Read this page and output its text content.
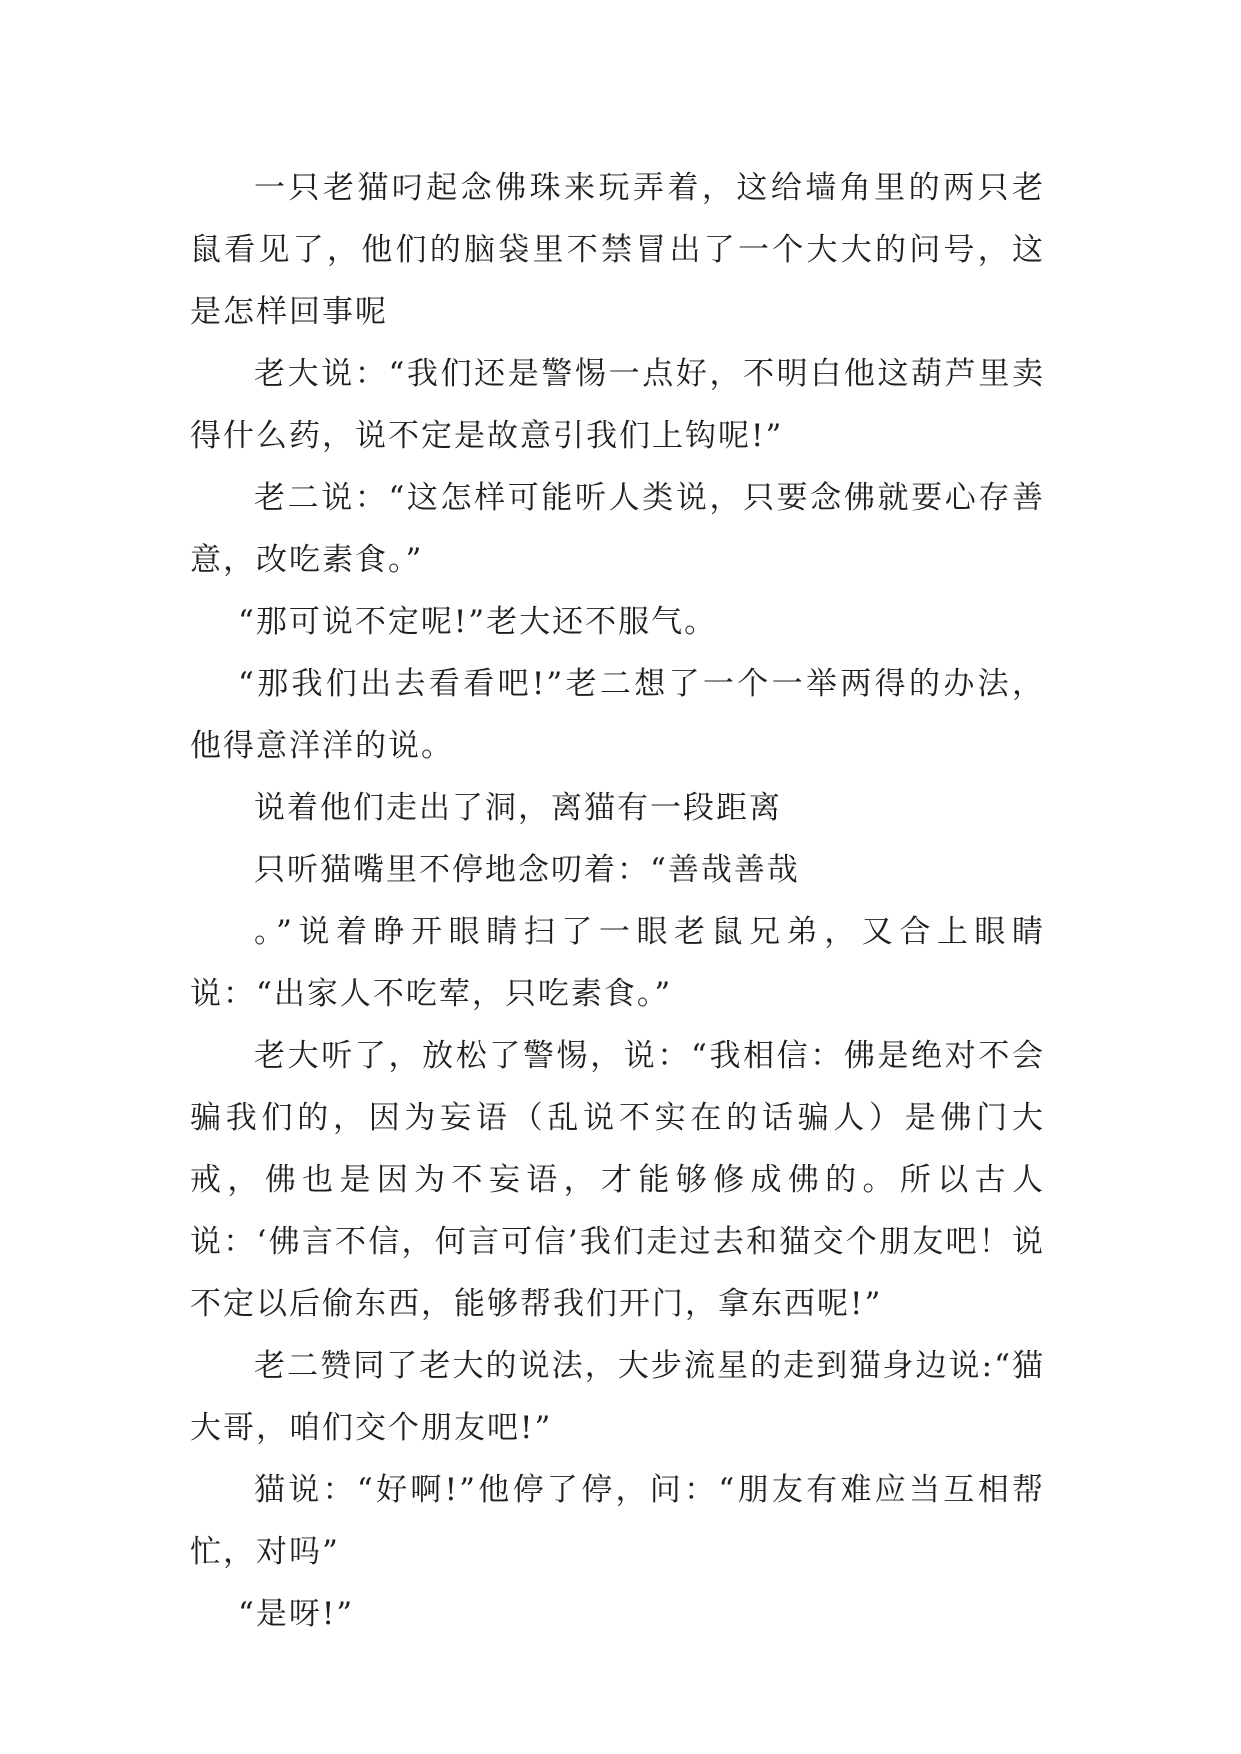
一只老猫叼起念佛珠来玩弄着，这给墙角里的两只老鼠看见了，他们的脑袋里不禁冒出了一个大大的问号，这是怎样回事呢

老大说：“我们还是警惕一点好，不明白他这葫芦里卖得什么药，说不定是故意引我们上钩呢!”

老二说：“这怎样可能听人类说，只要念佛就要心存善意，改吃素食。”

“那可说不定呢!”老大还不服气。

“那我们出去看看吧!”老二想了一个一举两得的办法，他得意洋洋的说。

说着他们走出了洞，离猫有一段距离

只听猫嘴里不停地念叨着：“善哉善哉

。”说着睁开眼睛扫了一眼老鼠兄弟，又合上眼睛说：“出家人不吃荤，只吃素食。”

老大听了，放松了警惕，说：“我相信：佛是绝对不会骗我们的，因为妄语（乱说不实在的话骗人）是佛门大戒，佛也是因为不妄语，才能够修成佛的。所以古人说：‘佛言不信，何言可信’我们走过去和猫交个朋友吧！说不定以后偷东西，能够帮我们开门，拿东西呢!”

老二赞同了老大的说法，大步流星的走到猫身边说:“猫大哥，咱们交个朋友吧!”

猫说：“好啊!”他停了停，问：“朋友有难应当互相帮忙，对吗”

“是呀!”
